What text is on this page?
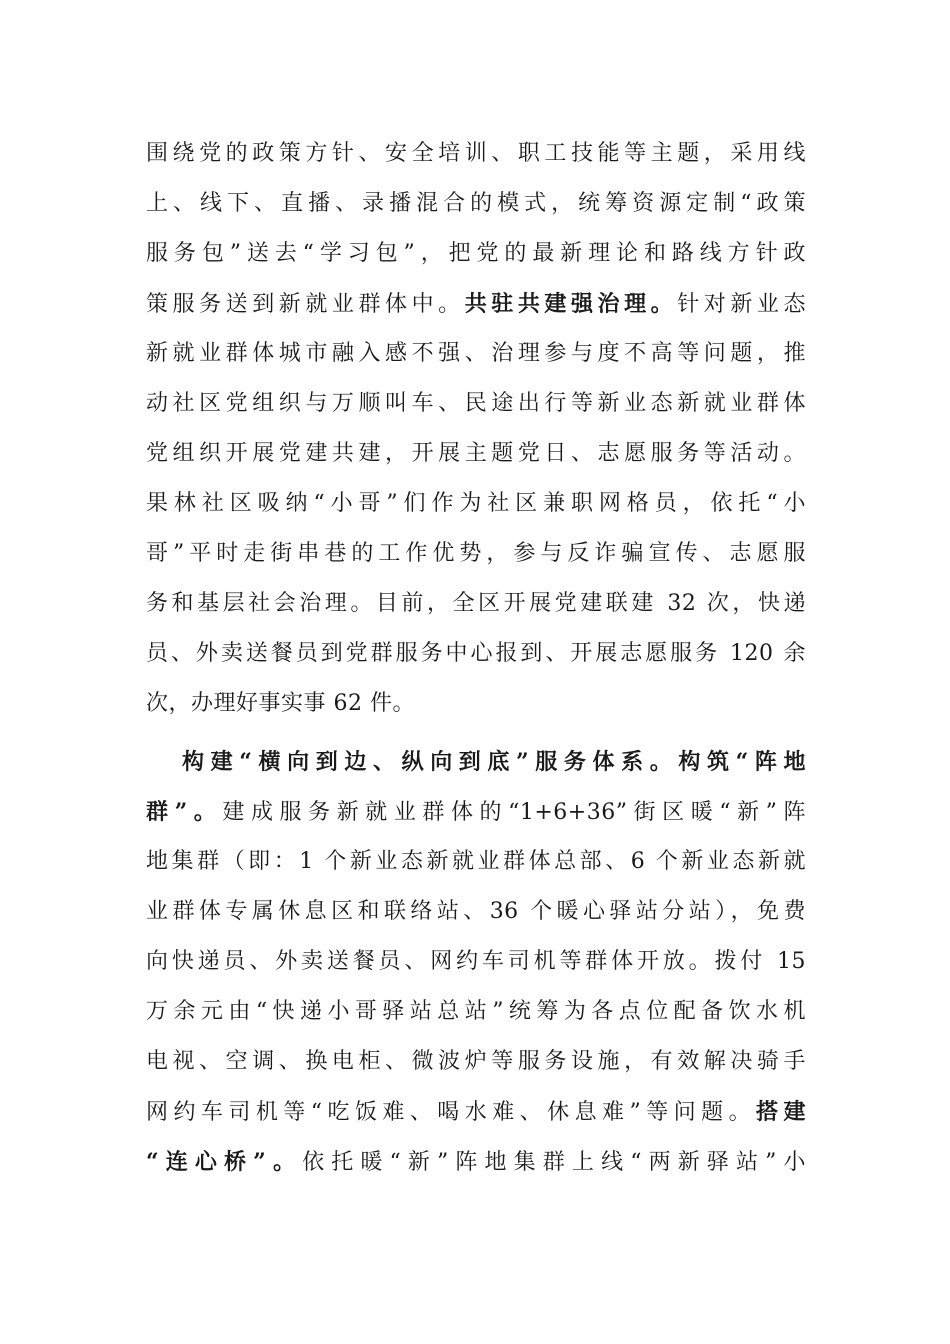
围绕党的政策方针、安全培训、职工技能等主题，采用线
上、线下、直播、录播混合的模式，统筹资源定制“政策
服务包”送去“学习包”，把党的最新理论和路线方针政
策服务送到新就业群体中。共驻共建强治理。针对新业态
新就业群体城市融入感不强、治理参与度不高等问题，推
动社区党组织与万顺叫车、民途出行等新业态新就业群体
党组织开展党建共建，开展主题党日、志愿服务等活动。
果林社区吸纳“小哥”们作为社区兼职网格员，依托“小
哥”平时走街串巷的工作优势，参与反诈骗宣传、志愿服
务和基层社会治理。目前，全区开展党建联建 32 次，快递
员、外卖送餐员到党群服务中心报到、开展志愿服务 120 余
次，办理好事实事 62 件。
构建“横向到边、纵向到底”服务体系。构筑“阵地
群”。建成服务新就业群体的“1+6+36”街区暖“新”阵
地集群（即：1 个新业态新就业群体总部、6 个新业态新就
业群体专属休息区和联络站、36 个暖心驿站分站），免费
向快递员、外卖送餐员、网约车司机等群体开放。拨付 15
万余元由“快递小哥驿站总站”统筹为各点位配备饮水机
电视、空调、换电柜、微波炉等服务设施，有效解决骑手
网约车司机等“吃饭难、喝水难、休息难”等问题。搭建
“连心桥”。依托暖“新”阵地集群上线“两新驿站”小
